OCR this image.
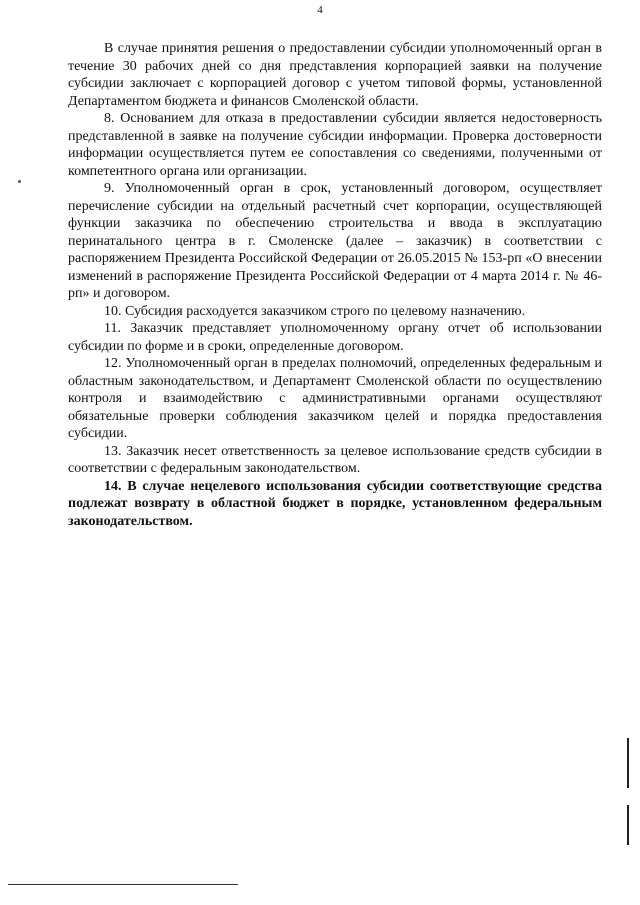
4

В случае принятия решения о предоставлении субсидии уполномоченный орган в течение 30 рабочих дней со дня представления корпорацией заявки на получение субсидии заключает с корпорацией договор с учетом типовой формы, установленной Департаментом бюджета и финансов Смоленской области.

8. Основанием для отказа в предоставлении субсидии является недостоверность представленной в заявке на получение субсидии информации. Проверка достоверности информации осуществляется путем ее сопоставления со сведениями, полученными от компетентного органа или организации.

9. Уполномоченный орган в срок, установленный договором, осуществляет перечисление субсидии на отдельный расчетный счет корпорации, осуществляющей функции заказчика по обеспечению строительства и ввода в эксплуатацию перинатального центра в г. Смоленске (далее – заказчик) в соответствии с распоряжением Президента Российской Федерации от 26.05.2015 № 153-рп «О внесении изменений в распоряжение Президента Российской Федерации от 4 марта 2014 г. № 46-рп» и договором.

10. Субсидия расходуется заказчиком строго по целевому назначению.

11. Заказчик представляет уполномоченному органу отчет об использовании субсидии по форме и в сроки, определенные договором.

12. Уполномоченный орган в пределах полномочий, определенных федеральным и областным законодательством, и Департамент Смоленской области по осуществлению контроля и взаимодействию с административными органами осуществляют обязательные проверки соблюдения заказчиком целей и порядка предоставления субсидии.

13. Заказчик несет ответственность за целевое использование средств субсидии в соответствии с федеральным законодательством.

14. В случае нецелевого использования субсидии соответствующие средства подлежат возврату в областной бюджет в порядке, установленном федеральным законодательством.
